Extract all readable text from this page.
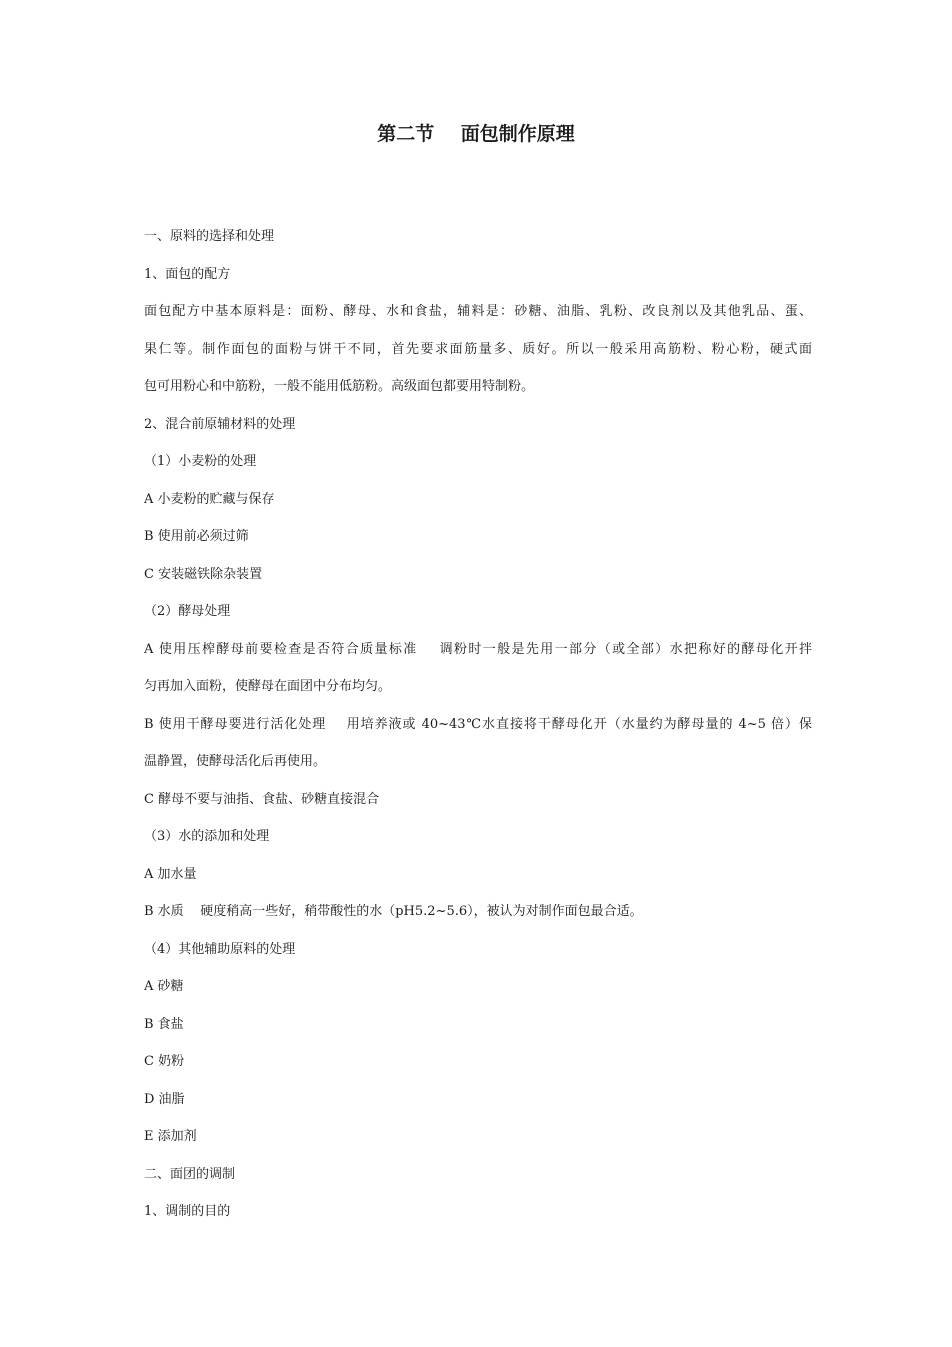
第二节    面包制作原理
一、原料的选择和处理
1、面包的配方
面包配方中基本原料是：面粉、酵母、水和食盐，辅料是：砂糖、油脂、乳粉、改良剂以及其他乳品、蛋、
果仁等。制作面包的面粉与饼干不同，首先要求面筋量多、质好。所以一般采用高筋粉、粉心粉，硬式面
包可用粉心和中筋粉，一般不能用低筋粉。高级面包都要用特制粉。
2、混合前原辅材料的处理
（1）小麦粉的处理
A 小麦粉的贮藏与保存
B 使用前必须过筛
C 安装磁铁除杂装置
（2）酵母处理
A 使用压榨酵母前要检查是否符合质量标准    调粉时一般是先用一部分（或全部）水把称好的酵母化开拌
匀再加入面粉，使酵母在面团中分布均匀。
B 使用干酵母要进行活化处理    用培养液或 40~43℃水直接将干酵母化开（水量约为酵母量的 4~5 倍）保
温静置，使酵母活化后再使用。
C 酵母不要与油指、食盐、砂糖直接混合
（3）水的添加和处理
A 加水量
B 水质    硬度稍高一些好，稍带酸性的水（pH5.2~5.6），被认为对制作面包最合适。
（4）其他辅助原料的处理
A 砂糖
B 食盐
C 奶粉
D 油脂
E 添加剂
二、面团的调制
1、调制的目的
